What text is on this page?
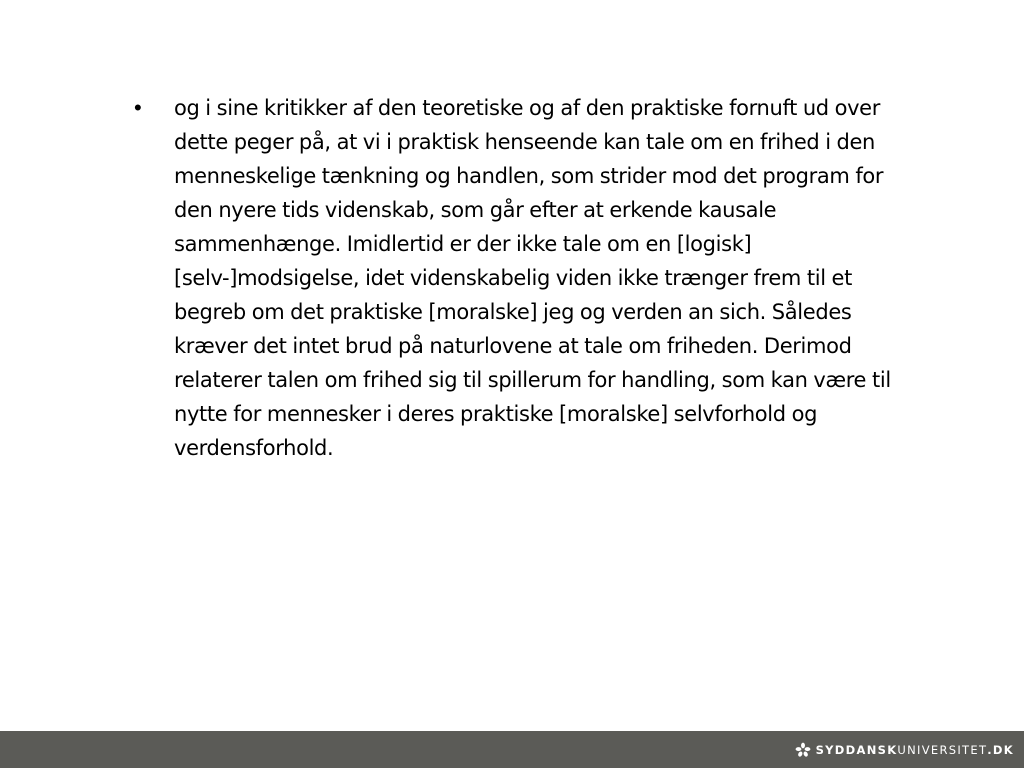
•	og i sine kritikker af den teoretiske og af den praktiske fornuft ud over dette peger på, at vi i praktisk henseende kan tale om en frihed i den menneskelige tænkning og handlen, som strider mod det program for den nyere tids videnskab, som går efter at erkende kausale sammenhænge. Imidlertid er der ikke tale om en [logisk] [selv-]modsigelse, idet videnskabelig viden ikke trænger frem til et begreb om det praktiske [moralske] jeg og verden an sich. Således kræver det intet brud på naturlovene at tale om friheden. Derimod relaterer talen om frihed sig til spillerum for handling, som kan være til nytte for mennesker i deres praktiske [moralske] selvforhold og verdensforhold.
SYDDANSKUNIVERSITET.DK
